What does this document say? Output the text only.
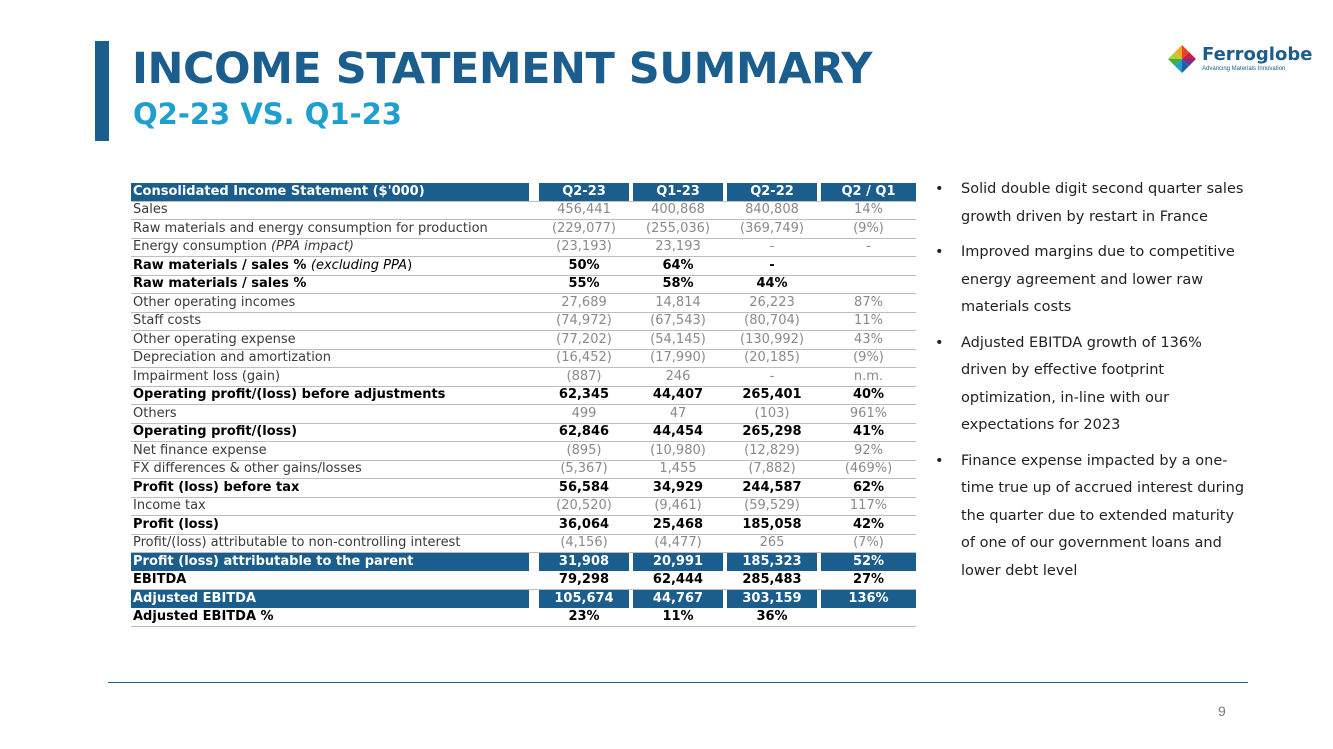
INCOME STATEMENT SUMMARY
Q2-23 VS. Q1-23
Ferroglobe
Advancing Materials Innovation
Consolidated Income Statement ($'000)		Q2-23		Q1-23		Q2-22		Q2 / Q1
Sales		456,441		400,868		840,808		14%
Raw materials and energy consumption for production		(229,077)		(255,036)		(369,749)		(9%)
Energy consumption (PPA impact)		(23,193)		23,193		-		-
Raw materials / sales % (excluding PPA)		50%		64%		-		
Raw materials / sales %		55%		58%		44%		
Other operating incomes		27,689		14,814		26,223		87%
Staff costs		(74,972)		(67,543)		(80,704)		11%
Other operating expense		(77,202)		(54,145)		(130,992)		43%
Depreciation and amortization		(16,452)		(17,990)		(20,185)		(9%)
Impairment loss (gain)		(887)		246		-		n.m.
Operating profit/(loss) before adjustments		62,345		44,407		265,401		40%
Others		499		47		(103)		961%
Operating profit/(loss)		62,846		44,454		265,298		41%
Net finance expense		(895)		(10,980)		(12,829)		92%
FX differences & other gains/losses		(5,367)		1,455		(7,882)		(469%)
Profit (loss) before tax		56,584		34,929		244,587		62%
Income tax		(20,520)		(9,461)		(59,529)		117%
Profit (loss)		36,064		25,468		185,058		42%
Profit/(loss) attributable to non-controlling interest		(4,156)		(4,477)		265		(7%)
Profit (loss) attributable to the parent		31,908		20,991		185,323		52%
EBITDA		79,298		62,444		285,483		27%
Adjusted EBITDA		105,674		44,767		303,159		136%
Adjusted EBITDA %		23%		11%		36%		
• Solid double digit second quarter sales growth driven by restart in France
• Improved margins due to competitive energy agreement and lower raw materials costs
• Adjusted EBITDA growth of 136% driven by effective footprint optimization, in-line with our expectations for 2023
• Finance expense impacted by a one-time true up of accrued interest during the quarter due to extended maturity of one of our government loans and lower debt level
9
